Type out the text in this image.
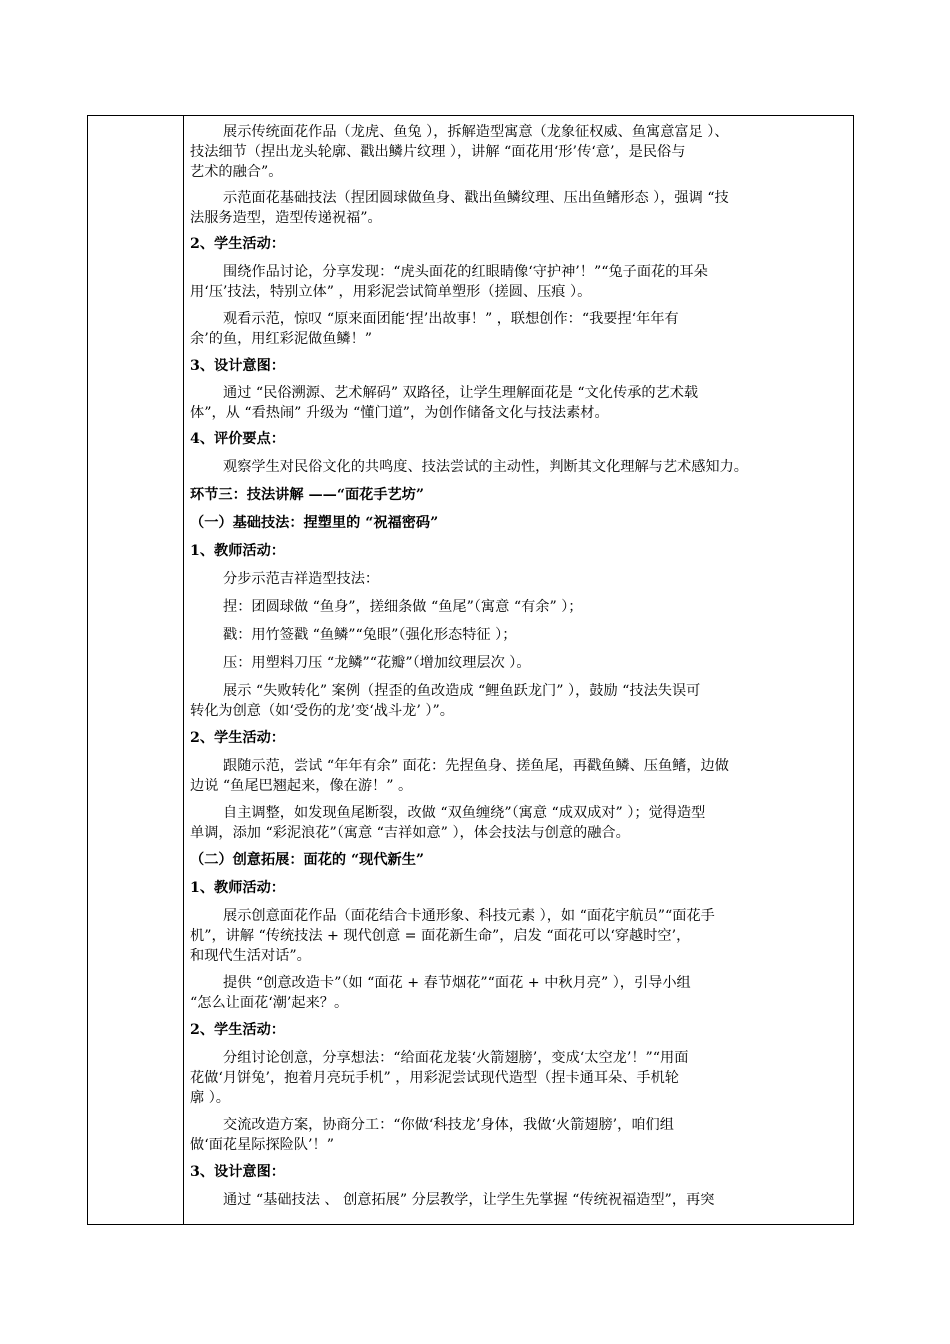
展示传统面花作品（龙虎、鱼兔 ），拆解造型寓意（龙象征权威、鱼寓意富足 ）、
技法细节（捏出龙头轮廓、戳出鳞片纹理 ），讲解 “面花用‘形’传‘意’，是民俗与
艺术的融合”。
示范面花基础技法（捏团圆球做鱼身、戳出鱼鳞纹理、压出鱼鳍形态 ），强调 “技
法服务造型，造型传递祝福”。
2、学生活动：
围绕作品讨论，分享发现：“虎头面花的红眼睛像‘守护神’！”“兔子面花的耳朵
用‘压’技法，特别立体” ，用彩泥尝试简单塑形（搓圆、压痕 ）。
观看示范，惊叹 “原来面团能‘捏’出故事！” ，联想创作：“我要捏‘年年有
余’的鱼，用红彩泥做鱼鳞！”
3、设计意图：
通过 “民俗溯源、艺术解码” 双路径，让学生理解面花是 “文化传承的艺术载
体”，从 “看热闹” 升级为 “懂门道”，为创作储备文化与技法素材。
4、评价要点：
观察学生对民俗文化的共鸣度、技法尝试的主动性，判断其文化理解与艺术感知力。
环节三：技法讲解 ——“面花手艺坊”
（一）基础技法：捏塑里的 “祝福密码”
1、教师活动：
分步示范吉祥造型技法：
捏：团圆球做 “鱼身”，搓细条做 “鱼尾”（寓意 “有余” ）；
戳：用竹签戳 “鱼鳞”“兔眼”（强化形态特征 ）；
压：用塑料刀压 “龙鳞”“花瓣”（增加纹理层次 ）。
展示 “失败转化” 案例（捏歪的鱼改造成 “鲤鱼跃龙门” ），鼓励 “技法失误可
转化为创意（如‘受伤的龙’变‘战斗龙’ ）”。
2、学生活动：
跟随示范，尝试 “年年有余” 面花：先捏鱼身、搓鱼尾，再戳鱼鳞、压鱼鳍，边做
边说 “鱼尾巴翘起来，像在游！” 。
自主调整，如发现鱼尾断裂，改做 “双鱼缠绕”（寓意 “成双成对” ）；觉得造型
单调，添加 “彩泥浪花”（寓意 “吉祥如意” ），体会技法与创意的融合。
（二）创意拓展：面花的 “现代新生”
1、教师活动：
展示创意面花作品（面花结合卡通形象、科技元素 ），如 “面花宇航员”“面花手
机”，讲解 “传统技法 + 现代创意 = 面花新生命”，启发 “面花可以‘穿越时空’，
和现代生活对话”。
提供 “创意改造卡”（如 “面花 + 春节烟花”“面花 + 中秋月亮” ），引导小组
“怎么让面花‘潮’起来？。
2、学生活动：
分组讨论创意，分享想法：“给面花龙装‘火箭翅膀’，变成‘太空龙’！”“用面
花做‘月饼兔’，抱着月亮玩手机” ，用彩泥尝试现代造型（捏卡通耳朵、手机轮
廓 ）。
交流改造方案，协商分工：“你做‘科技龙’身体，我做‘火箭翅膀’，咱们组
做‘面花星际探险队’！”
3、设计意图：
通过 “基础技法 、 创意拓展” 分层教学，让学生先掌握 “传统祝福造型”，再突
